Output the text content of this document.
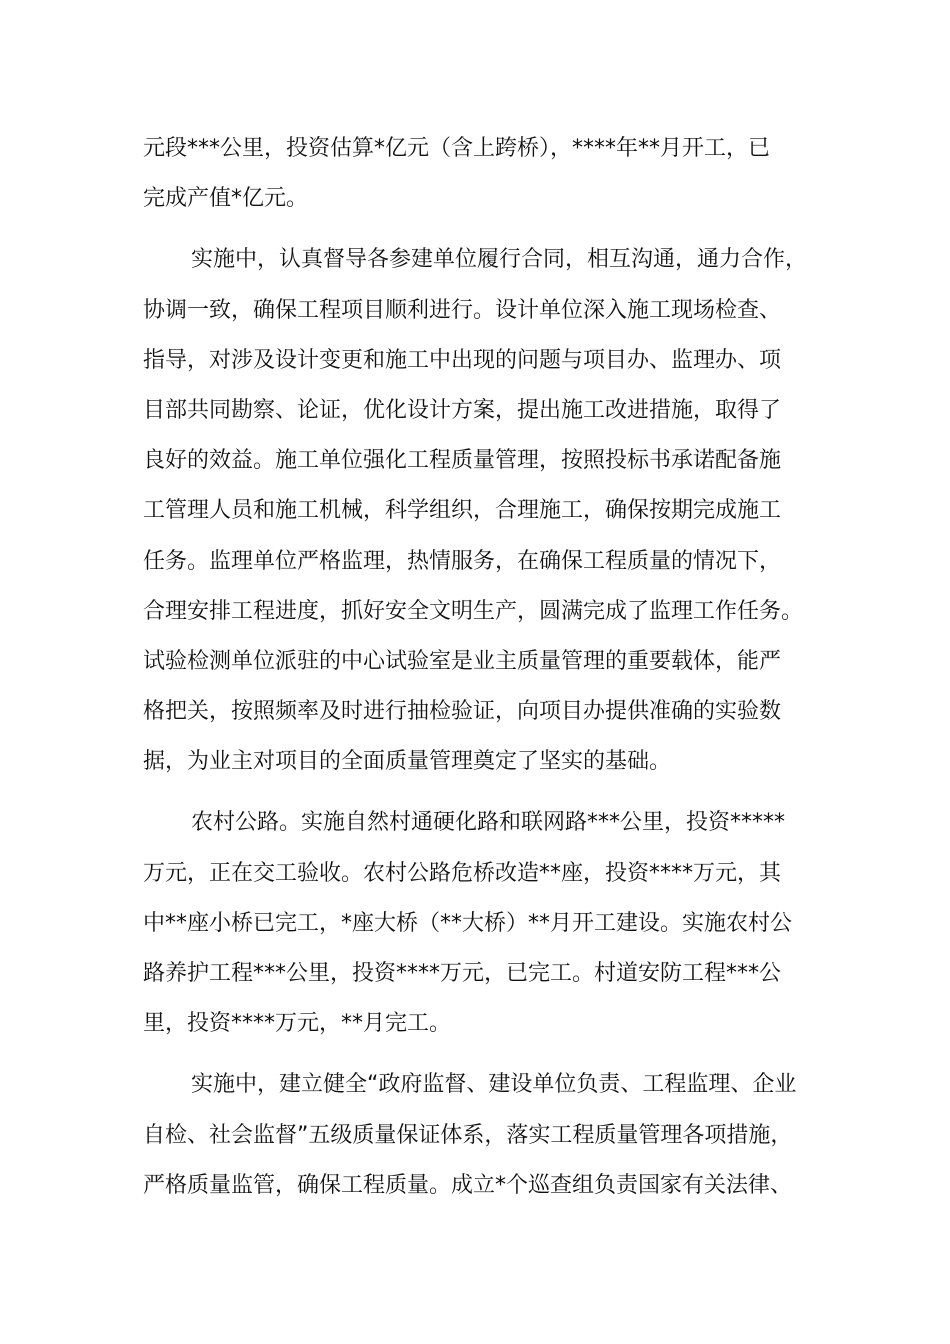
元段***公里，投资估算*亿元（含上跨桥），****年**月开工，已
完成产值*亿元。
实施中，认真督导各参建单位履行合同，相互沟通，通力合作，
协调一致，确保工程项目顺利进行。设计单位深入施工现场检查、
指导，对涉及设计变更和施工中出现的问题与项目办、监理办、项
目部共同勘察、论证，优化设计方案，提出施工改进措施，取得了
良好的效益。施工单位强化工程质量管理，按照投标书承诺配备施
工管理人员和施工机械，科学组织，合理施工，确保按期完成施工
任务。监理单位严格监理，热情服务，在确保工程质量的情况下，
合理安排工程进度，抓好安全文明生产，圆满完成了监理工作任务。
试验检测单位派驻的中心试验室是业主质量管理的重要载体，能严
格把关，按照频率及时进行抽检验证，向项目办提供准确的实验数
据，为业主对项目的全面质量管理奠定了坚实的基础。
农村公路。实施自然村通硬化路和联网路***公里，投资*****
万元，正在交工验收。农村公路危桥改造**座，投资****万元，其
中**座小桥已完工，*座大桥（**大桥）**月开工建设。实施农村公
路养护工程***公里，投资****万元，已完工。村道安防工程***公
里，投资****万元，**月完工。
实施中，建立健全“政府监督、建设单位负责、工程监理、企业
自检、社会监督”五级质量保证体系，落实工程质量管理各项措施，
严格质量监管，确保工程质量。成立*个巡查组负责国家有关法律、
